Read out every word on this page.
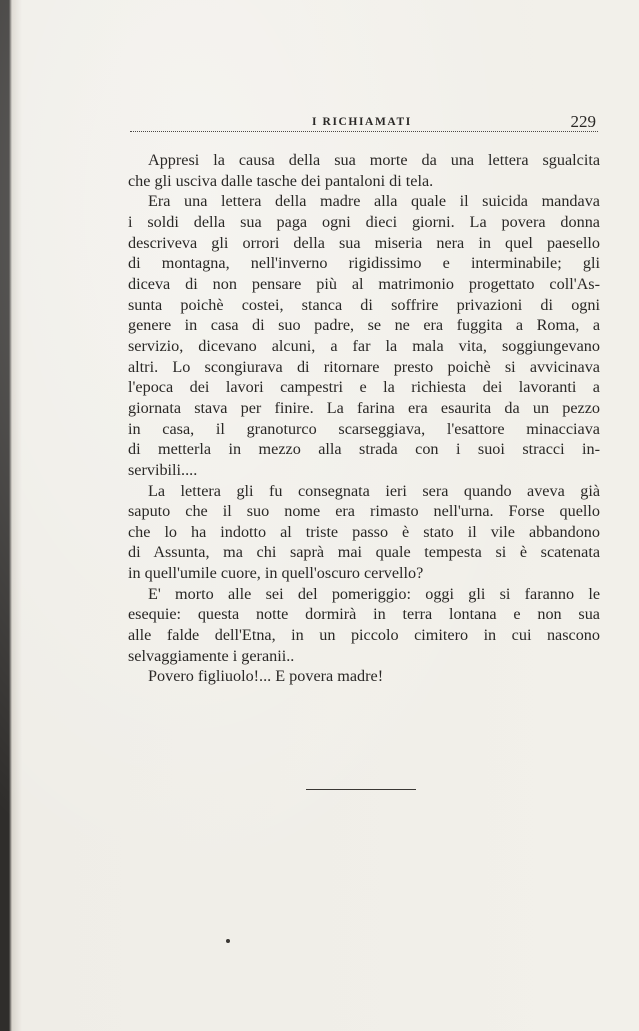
I RICHIAMATI	229
Appresi la causa della sua morte da una lettera sgualcita
che gli usciva dalle tasche dei pantaloni di tela.
Era una lettera della madre alla quale il suicida mandava
i soldi della sua paga ogni dieci giorni. La povera donna
descriveva gli orrori della sua miseria nera in quel paesello
di montagna, nell'inverno rigidissimo e interminabile; gli
diceva di non pensare più al matrimonio progettato coll'As-
sunta poichè costei, stanca di soffrire privazioni di ogni
genere in casa di suo padre, se ne era fuggita a Roma, a
servizio, dicevano alcuni, a far la mala vita, soggiungevano
altri. Lo scongiurava di ritornare presto poichè si avvicinava
l'epoca dei lavori campestri e la richiesta dei lavoranti a
giornata stava per finire. La farina era esaurita da un pezzo
in casa, il granoturco scarseggiava, l'esattore minacciava
di metterla in mezzo alla strada con i suoi stracci in-
servibili....
La lettera gli fu consegnata ieri sera quando aveva già
saputo che il suo nome era rimasto nell'urna. Forse quello
che lo ha indotto al triste passo è stato il vile abbandono
di Assunta, ma chi saprà mai quale tempesta si è scatenata
in quell'umile cuore, in quell'oscuro cervello?
E' morto alle sei del pomeriggio: oggi gli si faranno le
esequie: questa notte dormirà in terra lontana e non sua
alle falde dell'Etna, in un piccolo cimitero in cui nascono
selvaggiamente i geranii..
Povero figliuolo!... E povera madre!
